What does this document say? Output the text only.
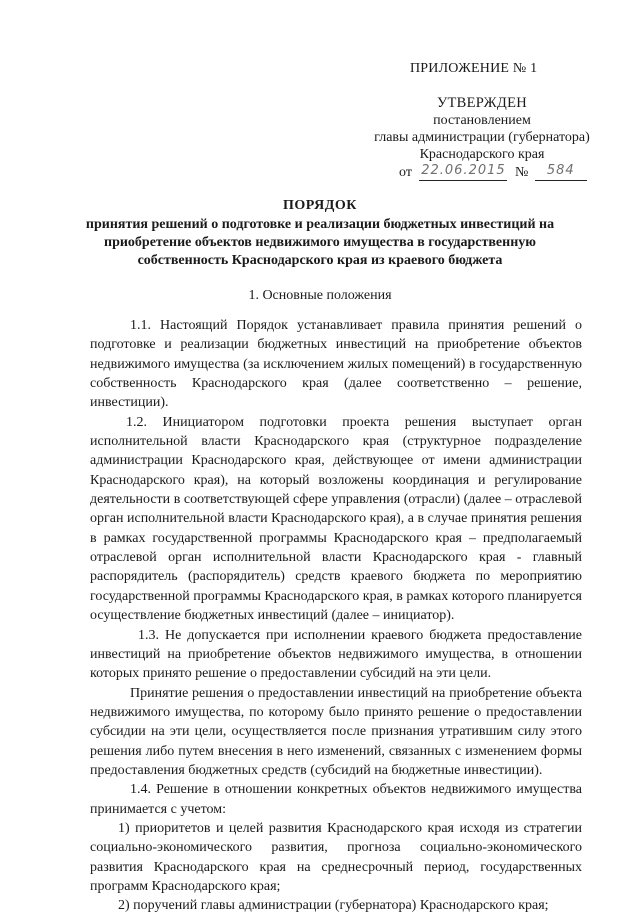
ПРИЛОЖЕНИЕ № 1
УТВЕРЖДЕН
постановлением
главы администрации (губернатора)
Краснодарского края
от 22.06.2015 № 584
ПОРЯДОК
принятия решений о подготовке и реализации бюджетных инвестиций на
приобретение объектов недвижимого имущества в государственную
собственность Краснодарского края из краевого бюджета
1. Основные положения

1.1. Настоящий Порядок устанавливает правила принятия решений о подготовке и реализации бюджетных инвестиций на приобретение объектов недвижимого имущества (за исключением жилых помещений) в государственную собственность Краснодарского края (далее соответственно – решение, инвестиции).

1.2. Инициатором подготовки проекта решения выступает орган исполнительной власти Краснодарского края (структурное подразделение администрации Краснодарского края, действующее от имени администрации Краснодарского края), на который возложены координация и регулирование деятельности в соответствующей сфере управления (отрасли) (далее – отраслевой орган исполнительной власти Краснодарского края), а в случае принятия решения в рамках государственной программы Краснодарского края – предполагаемый отраслевой орган исполнительной власти Краснодарского края - главный распорядитель (распорядитель) средств краевого бюджета по мероприятию государственной программы Краснодарского края, в рамках которого планируется осуществление бюджетных инвестиций (далее – инициатор).

1.3. Не допускается при исполнении краевого бюджета предоставление инвестиций на приобретение объектов недвижимого имущества, в отношении которых принято решение о предоставлении субсидий на эти цели.

Принятие решения о предоставлении инвестиций на приобретение объекта недвижимого имущества, по которому было принято решение о предоставлении субсидии на эти цели, осуществляется после признания утратившим силу этого решения либо путем внесения в него изменений, связанных с изменением формы предоставления бюджетных средств (субсидий на бюджетные инвестиции).

1.4. Решение в отношении конкретных объектов недвижимого имущества принимается с учетом:

1) приоритетов и целей развития Краснодарского края исходя из стратегии социально-экономического развития, прогноза социально-экономического развития Краснодарского края на среднесрочный период, государственных программ Краснодарского края;

2) поручений главы администрации (губернатора) Краснодарского края;
